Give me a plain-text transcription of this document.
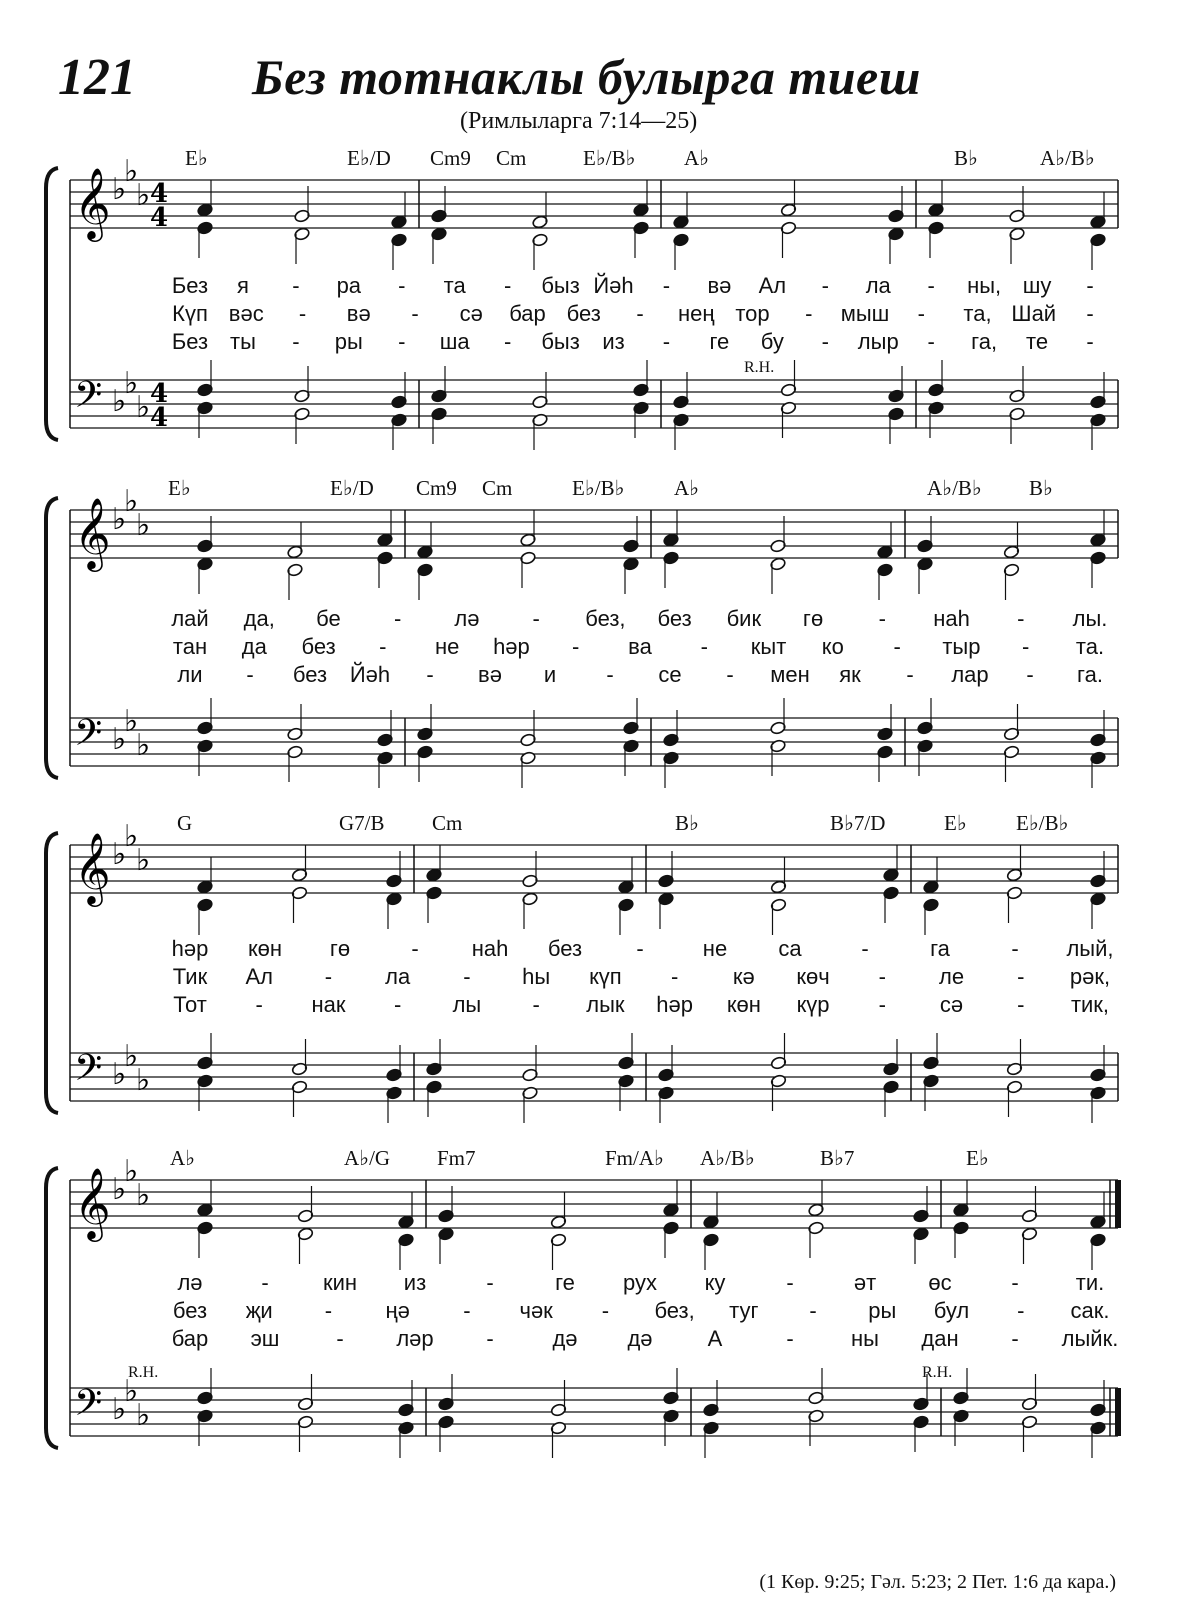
121 Без тотнаклы булырга тиеш
(Римлыларга 7:14—25)
E♭	E♭/D Cm9 Cm	E♭/B♭ A♭	B♭	A♭/B♭
𝄞
𝄢
♭
♭
♭
♭
♭
♭
4
4
4
4
Без я - ра - та - быз Йәһ - вә Ал - ла - ны, шу -
Күп вәс - вә - сә бар без - нең тор - мыш - та, Шай -
Без ты - ры - ша - быз из - ге бу - лыр - га, те -
R.H.
E♭	E♭/D Cm9 Cm	E♭/B♭ A♭	A♭/B♭ B♭
𝄞
𝄢
♭
♭
♭
♭
♭
♭
лай да, бе - лә - без, без бик гө	- наһ - лы.
тан да без - не һәр - ва - кыт ко - тыр - та.
ли - без Йәһ - вә и - се - мен як - лар - га.
G	G7/B Cm	B♭	B♭7/D	E♭ E♭/B♭
𝄞
𝄢
♭
♭
♭
♭
♭
♭
һәр көн гө	- наһ без -	не са	-	га	- лый,
Тик Ал - ла - һы күп - кә көч - ле - рәк,
Тот - нак - лы - лык һәр көн күр - сә - тик,
A♭	A♭/G Fm7	Fm/A♭ A♭/B♭	B♭7	E♭
𝄞
𝄢
♭
♭
♭
♭
♭
♭
лә	- кин из	-	ге рух ку	-	әт өс	-	ти.
без җи - ңә - чәк - без, туг - ры бул - сак.
бар эш	- ләр -	дә дә	А	-	ны дан - лыйк.
R.H.	R.H.
(1 Көр. 9:25; Гәл. 5:23; 2 Пет. 1:6 да кара.)
